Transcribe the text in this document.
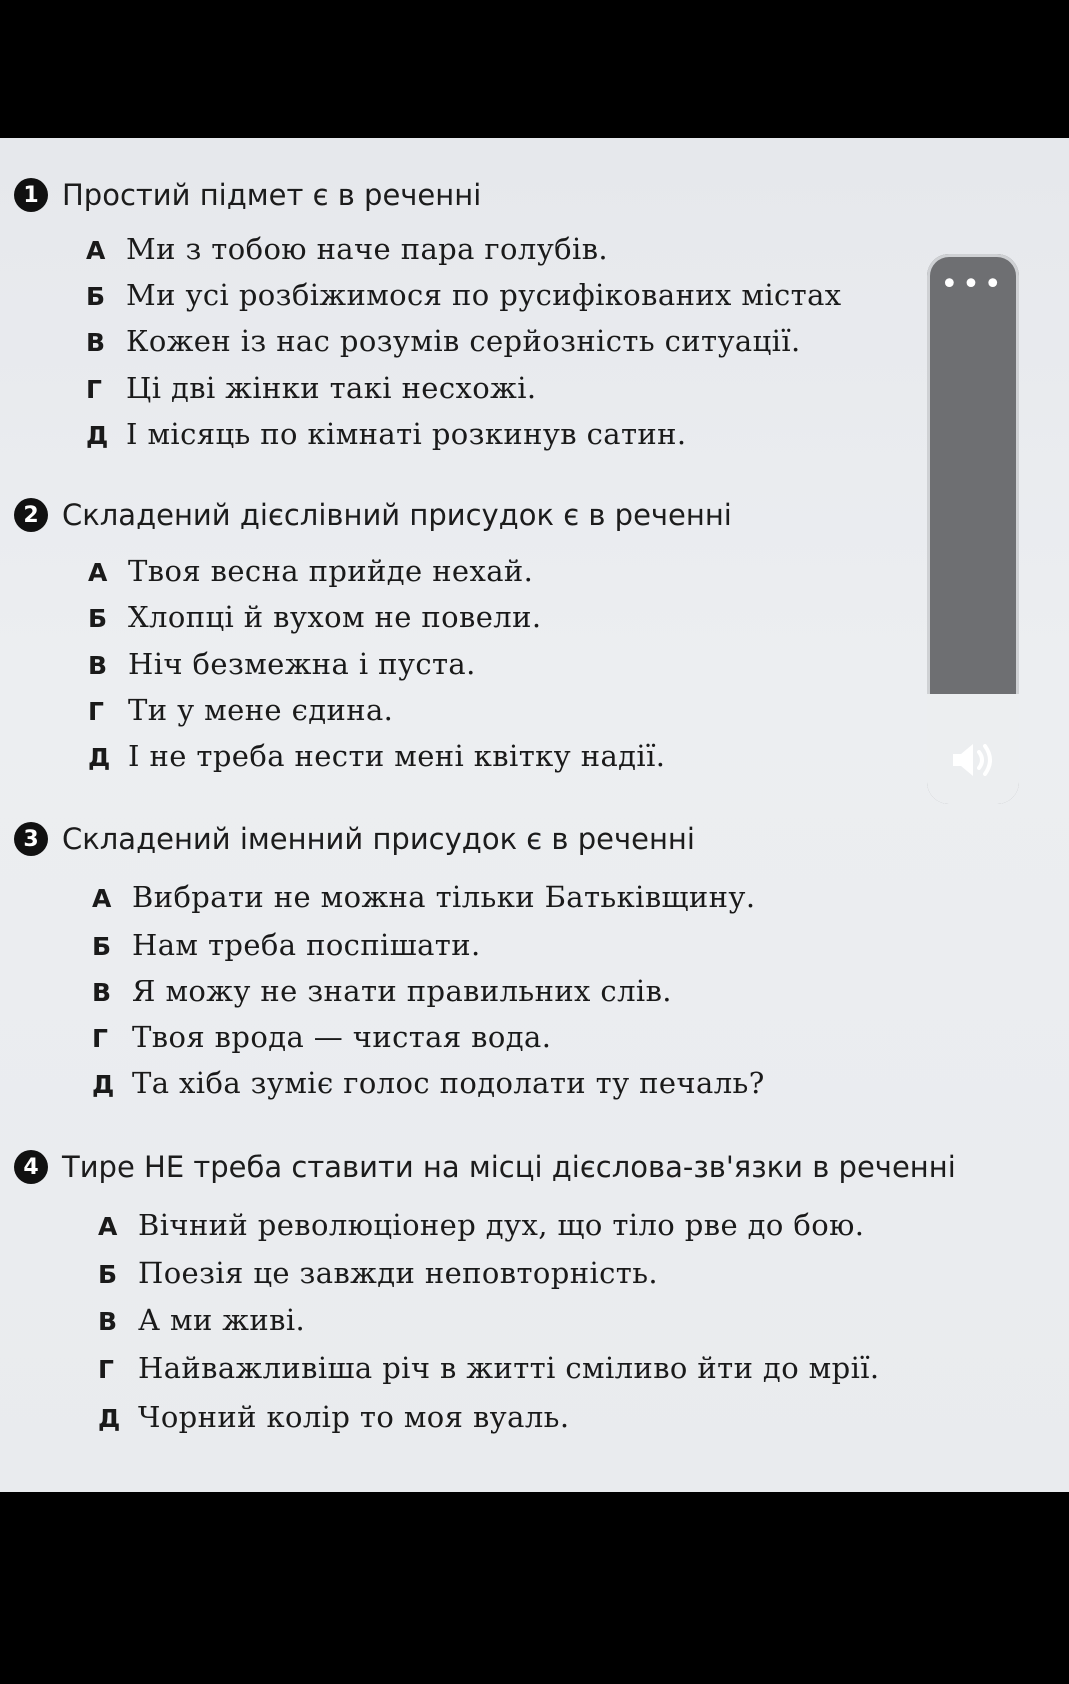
1 Простий підмет є в реченні
А Ми з тобою наче пара голубів.
Б Ми усі розбіжимося по русифікованих містах
В Кожен із нас розумів серйозність ситуації.
Г Ці дві жінки такі несхожі.
Д І місяць по кімнаті розкинув сатин.
2 Складений дієслівний присудок є в реченні
А Твоя весна прийде нехай.
Б Хлопці й вухом не повели.
В Ніч безмежна і пуста.
Г Ти у мене єдина.
Д І не треба нести мені квітку надії.
3 Складений іменний присудок є в реченні
А Вибрати не можна тільки Батьківщину.
Б Нам треба поспішати.
В Я можу не знати правильних слів.
Г Твоя врода — чистая вода.
Д Та хіба зуміє голос подолати ту печаль?
4 Тире НЕ треба ставити на місці дієслова-зв'язки в реченні
А Вічний революціонер дух, що тіло рве до бою.
Б Поезія це завжди неповторність.
В А ми живі.
Г Найважливіша річ в житті сміливо йти до мрії.
Д Чорний колір то моя вуаль.
•••
